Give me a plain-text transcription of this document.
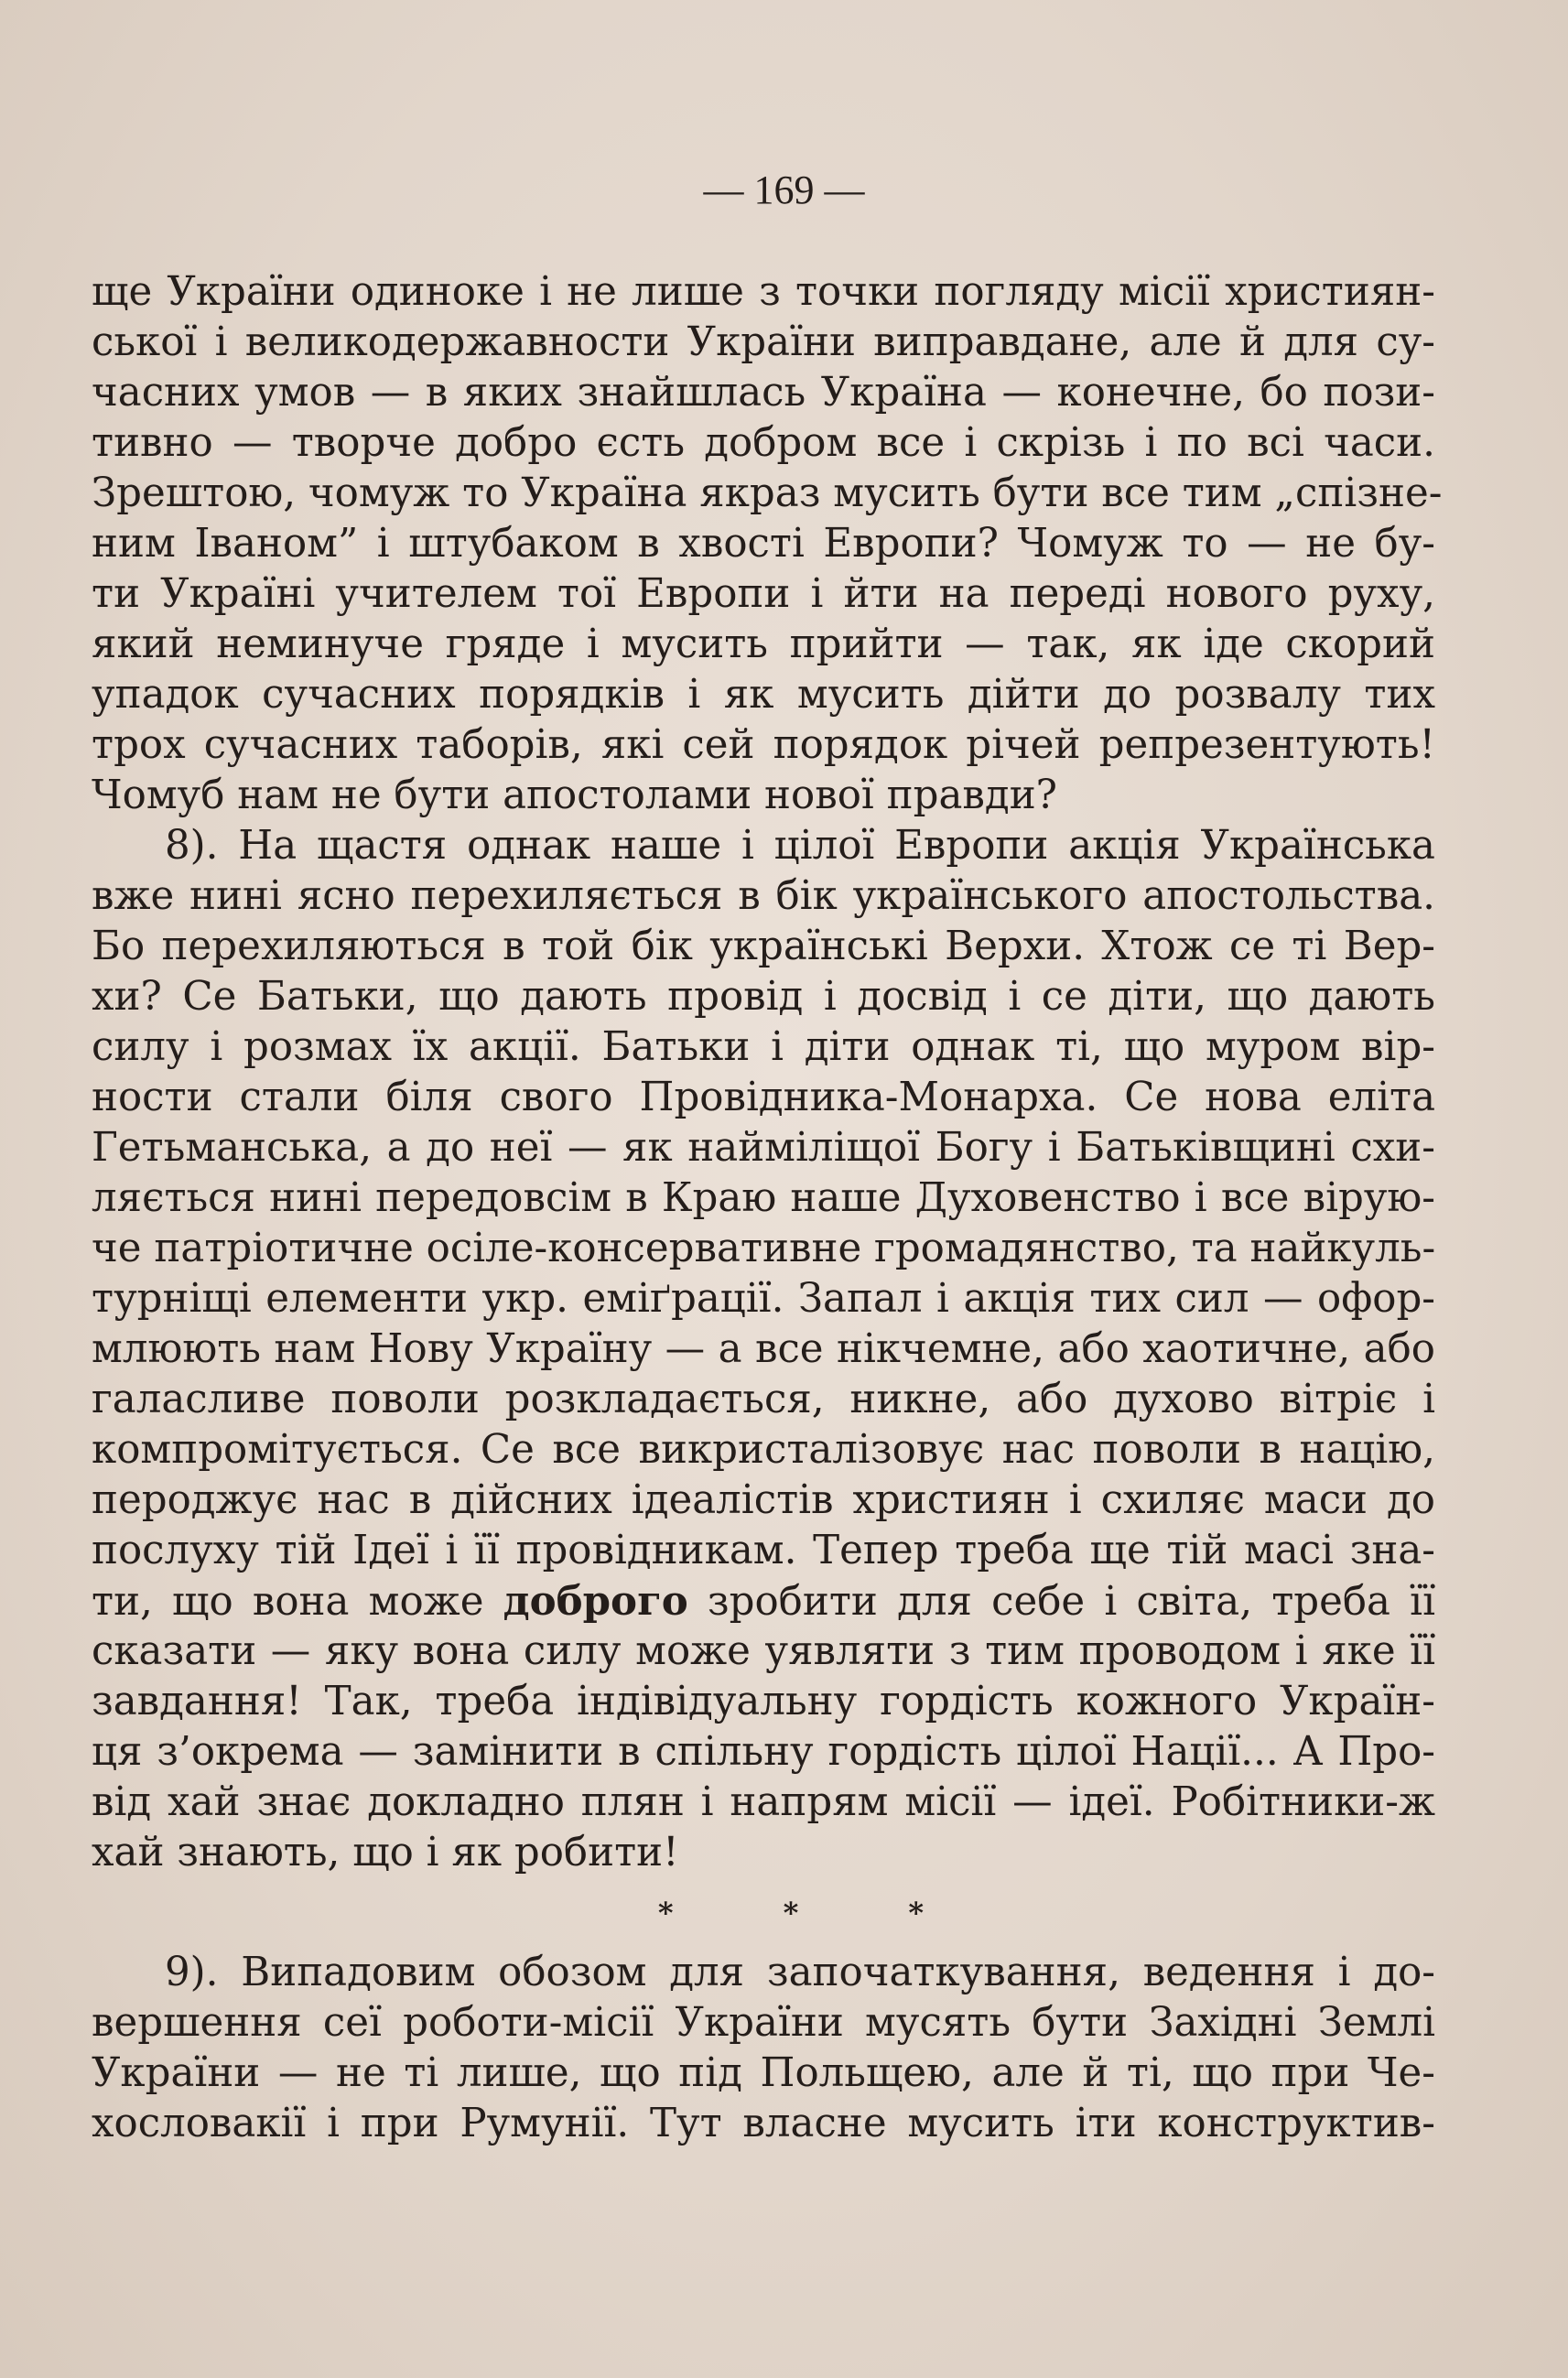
— 169 —
ще України одиноке і не лише з точки погляду місії християн-
ської і великодержавности України виправдане, але й для су-
часних умов — в яких знайшлась Україна — конечне, бо пози-
тивно — творче добро єсть добром все і скрізь і по всі часи.
Зрештою, чомуж то Україна якраз мусить бути все тим „спізне-
ним Іваном” і штубаком в хвості Европи? Чомуж то — не бу-
ти Україні учителем тої Европи і йти на переді нового руху,
який неминуче гряде і мусить прийти — так, як іде скорий
упадок сучасних порядків і як мусить дійти до розвалу тих
трох сучасних таборів, які сей порядок річей репрезентують!
Чомуб нам не бути апостолами нової правди?
8). На щастя однак наше і цілої Европи акція Українська
вже нині ясно перехиляється в бік українського апостольства.
Бо перехиляються в той бік українські Верхи. Хтож се ті Вер-
хи? Се Батьки, що дають провід і досвід і се діти, що дають
силу і розмах їх акції. Батьки і діти однак ті, що муром вір-
ности стали біля свого Провідника-Монарха. Се нова еліта
Гетьманська, а до неї — як найміліщої Богу і Батьківщині схи-
ляється нині передовсім в Краю наше Духовенство і все вірую-
че патріотичне осіле-консервативне громадянство, та найкуль-
турніщі елементи укр. еміґрації. Запал і акція тих сил — офор-
млюють нам Нову Україну — а все нікчемне, або хаотичне, або
галасливе поволи розкладається, никне, або духово вітріє і
компромітується. Се все викристалізовує нас поволи в націю,
пероджує нас в дійсних ідеалістів християн і схиляє маси до
послуху тій Ідеї і її провідникам. Тепер треба ще тій масі зна-
ти, що вона може доброго зробити для себе і світа, треба її
сказати — яку вона силу може уявляти з тим проводом і яке її
завдання! Так, треба індівідуальну гордість кожного Україн-
ця з’окрема — замінити в спільну гордість цілої Нації... А Про-
від хай знає докладно плян і напрям місії — ідеї. Робітники-ж
хай знають, що і як робити!
*	*	*
9). Випадовим обозом для започаткування, ведення і до-
вершення сеї роботи-місії України мусять бути Західні Землі
України — не ті лише, що під Польщею, але й ті, що при Че-
хословакії і при Румунії. Тут власне мусить іти конструктив-
